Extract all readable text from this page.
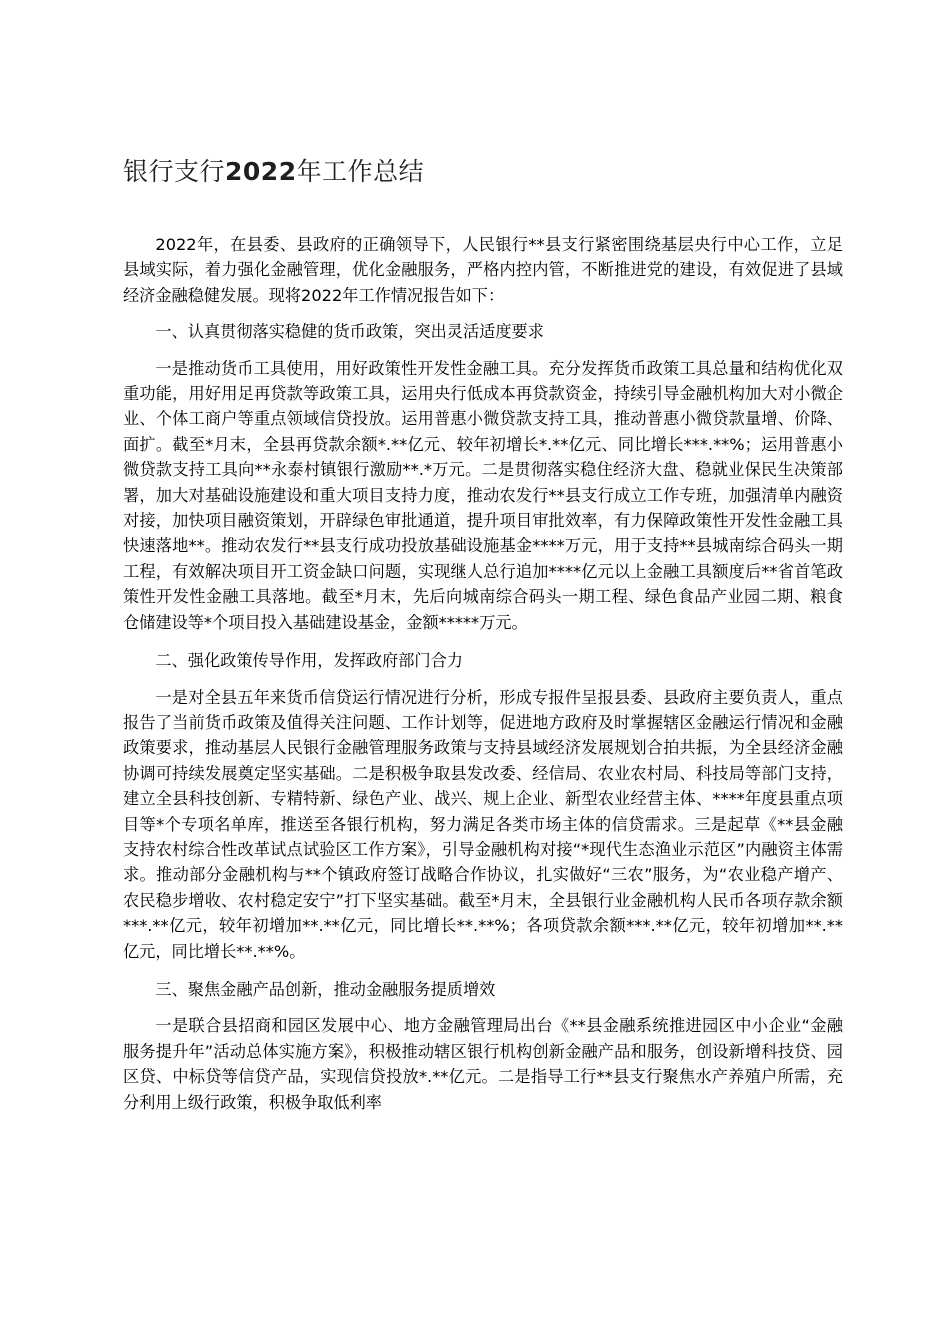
银行支行2022年工作总结

2022年，在县委、县政府的正确领导下，人民银行**县支行紧密围绕基层央行中心工作，立足县域实际，着力强化金融管理，优化金融服务，严格内控内管，不断推进党的建设，有效促进了县域经济金融稳健发展。现将2022年工作情况报告如下：

一、认真贯彻落实稳健的货币政策，突出灵活适度要求

一是推动货币工具使用，用好政策性开发性金融工具。充分发挥货币政策工具总量和结构优化双重功能，用好用足再贷款等政策工具，运用央行低成本再贷款资金，持续引导金融机构加大对小微企业、个体工商户等重点领域信贷投放。运用普惠小微贷款支持工具，推动普惠小微贷款量增、价降、面扩。截至*月末，全县再贷款余额*.**亿元、较年初增长*.**亿元、同比增长***.**%；运用普惠小微贷款支持工具向**永泰村镇银行激励**.*万元。二是贯彻落实稳住经济大盘、稳就业保民生决策部署，加大对基础设施建设和重大项目支持力度，推动农发行**县支行成立工作专班，加强清单内融资对接，加快项目融资策划，开辟绿色审批通道，提升项目审批效率，有力保障政策性开发性金融工具快速落地**。推动农发行**县支行成功投放基础设施基金****万元，用于支持**县城南综合码头一期工程，有效解决项目开工资金缺口问题，实现继人总行追加****亿元以上金融工具额度后**省首笔政策性开发性金融工具落地。截至*月末，先后向城南综合码头一期工程、绿色食品产业园二期、粮食仓储建设等*个项目投入基础建设基金，金额*****万元。

二、强化政策传导作用，发挥政府部门合力

一是对全县五年来货币信贷运行情况进行分析，形成专报件呈报县委、县政府主要负责人，重点报告了当前货币政策及值得关注问题、工作计划等，促进地方政府及时掌握辖区金融运行情况和金融政策要求，推动基层人民银行金融管理服务政策与支持县域经济发展规划合拍共振，为全县经济金融协调可持续发展奠定坚实基础。二是积极争取县发改委、经信局、农业农村局、科技局等部门支持，建立全县科技创新、专精特新、绿色产业、战兴、规上企业、新型农业经营主体、****年度县重点项目等*个专项名单库，推送至各银行机构，努力满足各类市场主体的信贷需求。三是起草《**县金融支持农村综合性改革试点试验区工作方案》，引导金融机构对接“*现代生态渔业示范区”内融资主体需求。推动部分金融机构与**个镇政府签订战略合作协议，扎实做好“三农”服务，为“农业稳产增产、农民稳步增收、农村稳定安宁”打下坚实基础。截至*月末，全县银行业金融机构人民币各项存款余额***.**亿元，较年初增加**.**亿元，同比增长**.**%；各项贷款余额***.**亿元，较年初增加**.**亿元，同比增长**.**%。

三、聚焦金融产品创新，推动金融服务提质增效

一是联合县招商和园区发展中心、地方金融管理局出台《**县金融系统推进园区中小企业“金融服务提升年”活动总体实施方案》，积极推动辖区银行机构创新金融产品和服务，创设新增科技贷、园区贷、中标贷等信贷产品，实现信贷投放*.**亿元。二是指导工行**县支行聚焦水产养殖户所需，充分利用上级行政策，积极争取低利率
